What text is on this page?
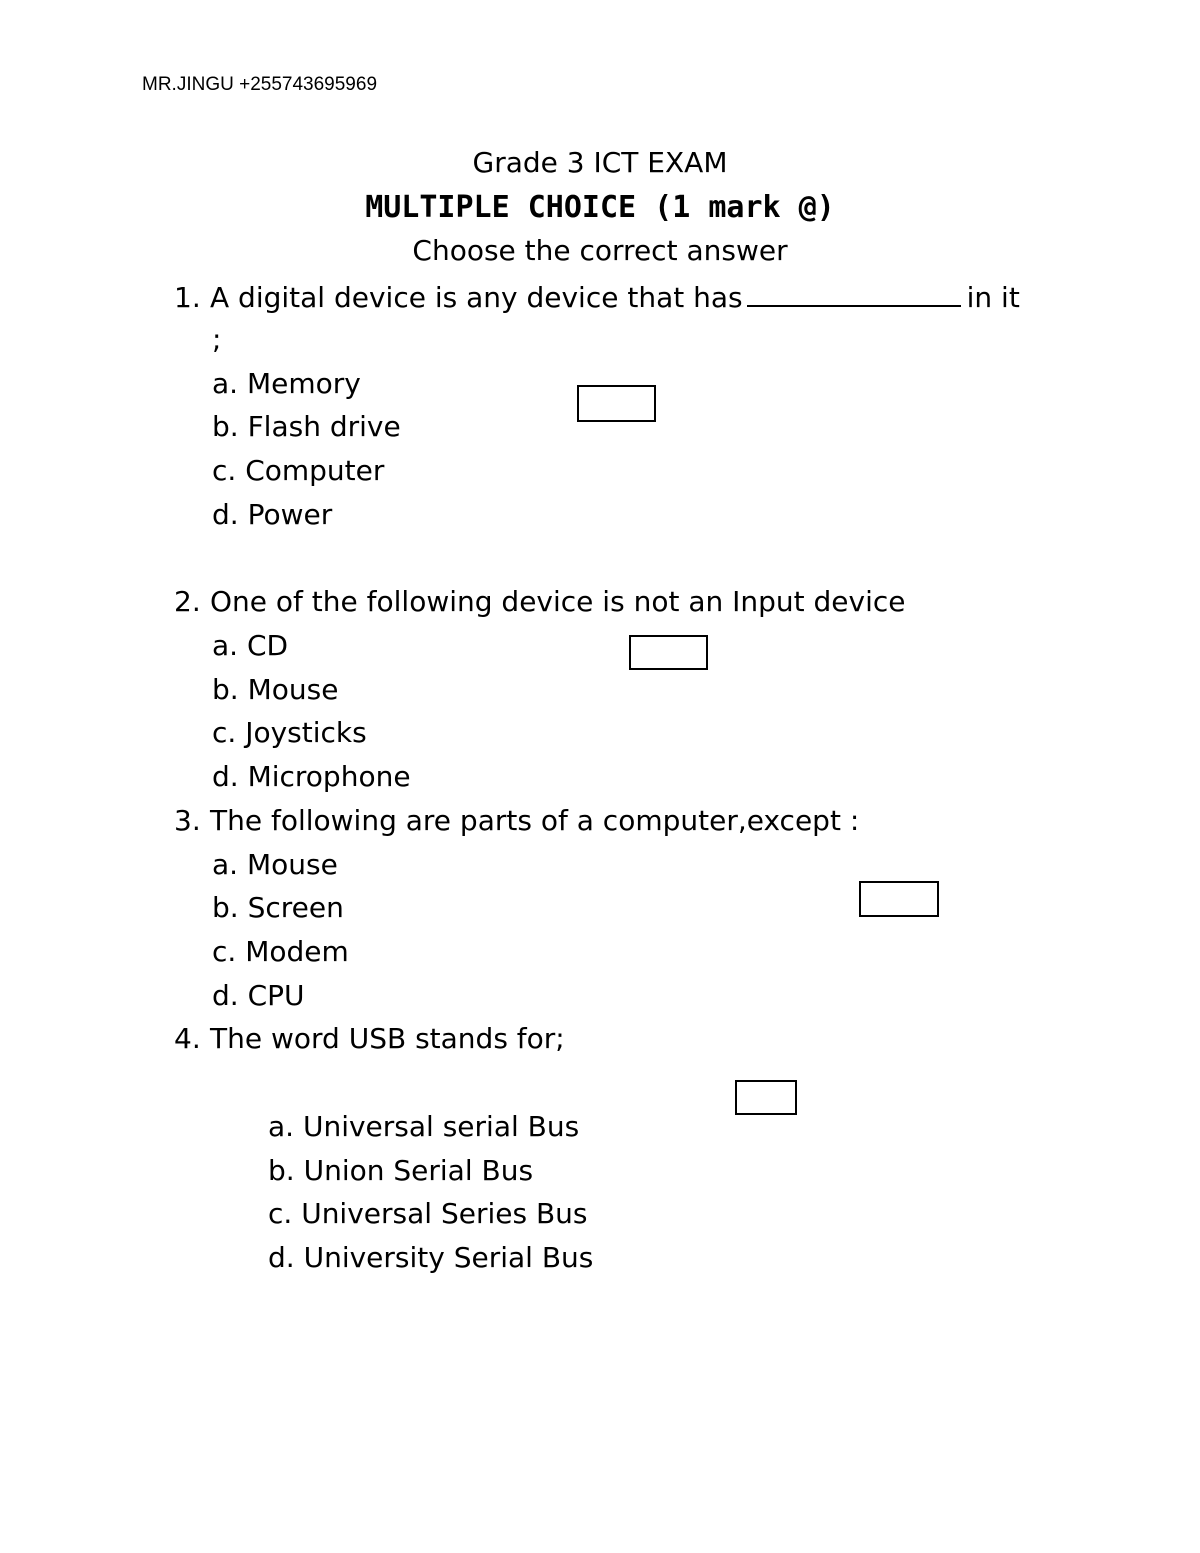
MR.JINGU +255743695969
Grade 3 ICT EXAM
MULTIPLE CHOICE (1 mark @)
Choose the correct answer
1. A digital device is any device that has	in it
;
a. Memory
b. Flash drive
c. Computer
d. Power
2. One of the following device is not an Input device
a. CD
b. Mouse
c. Joysticks
d. Microphone
3. The following are parts of a computer,except :
a. Mouse
b. Screen
c. Modem
d. CPU
4. The word USB stands for;
a. Universal serial Bus
b. Union Serial Bus
c. Universal Series Bus
d. University Serial Bus
